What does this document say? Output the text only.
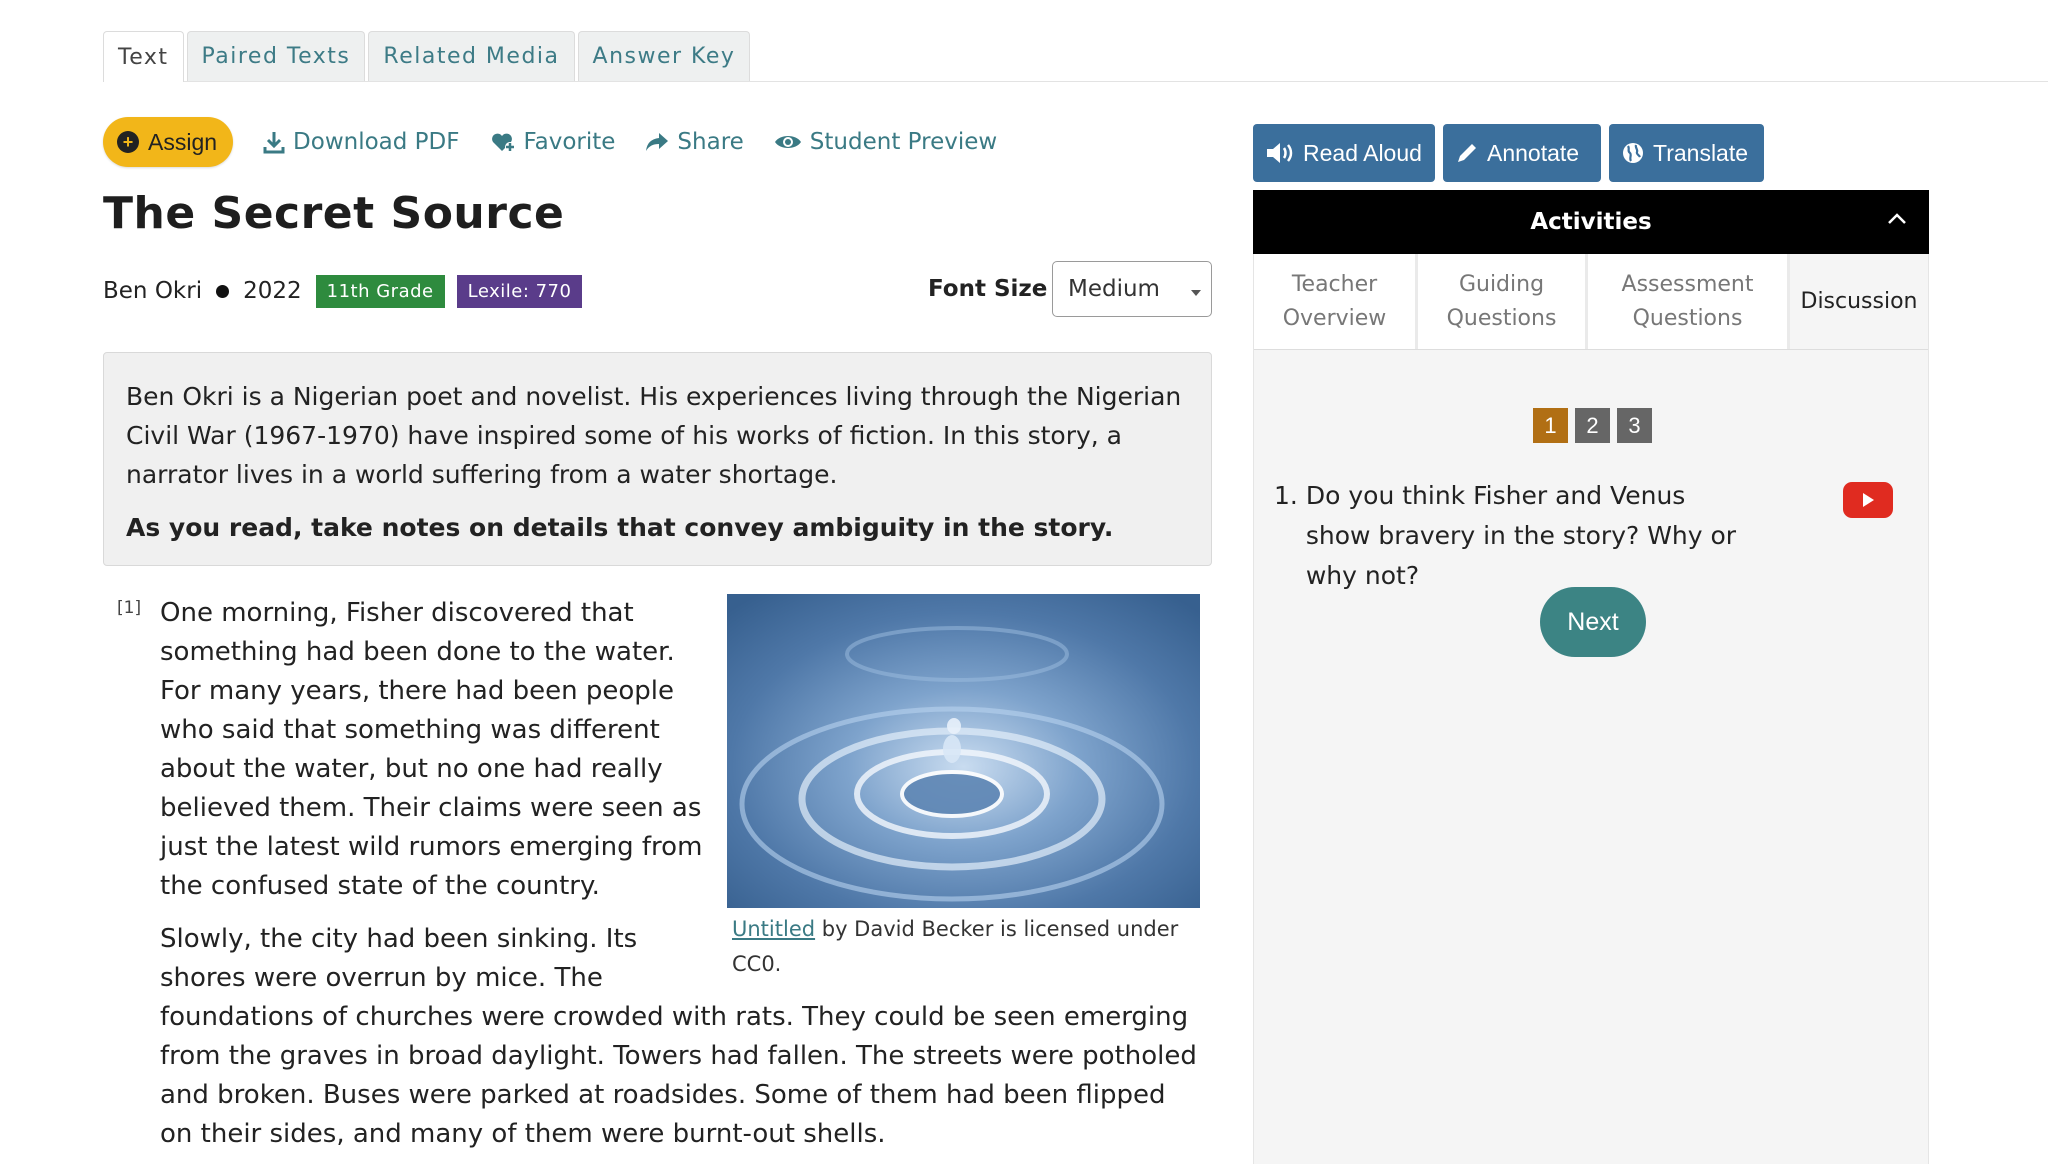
Text	Paired Texts	Related Media	Answer Key
+ Assign	Download PDF	Favorite	Share	Student Preview
The Secret Source
Ben Okri 2022	11th Grade	Lexile: 770	Font Size Medium

Ben Okri is a Nigerian poet and novelist. His experiences living through the Nigerian Civil War (1967-1970) have inspired some of his works of fiction. In this story, a narrator lives in a world suffering from a water shortage.

As you read, take notes on details that convey ambiguity in the story.

[1]
Untitled by David Becker is licensed under CC0.

One morning, Fisher discovered that something had been done to the water. For many years, there had been people who said that something was different about the water, but no one had really believed them. Their claims were seen as just the latest wild rumors emerging from the confused state of the country.

Slowly, the city had been sinking. Its shores were overrun by mice. The foundations of churches were crowded with rats. They could be seen emerging from the graves in broad daylight. Towers had fallen. The streets were potholed and broken. Buses were parked at roadsides. Some of them had been flipped on their sides, and many of them were burnt-out shells.

Read Aloud	Annotate	Translate
Activities
Teacher Overview
Guiding Questions
Assessment Questions
Discussion
1	2	3
1. Do you think Fisher and Venus show bravery in the story? Why or why not?
Next
